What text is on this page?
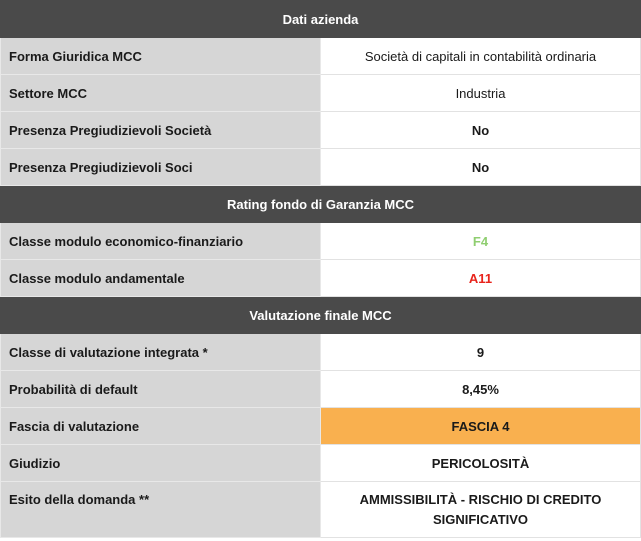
Dati azienda	
Forma Giuridica MCC	Società di capitali in contabilità ordinaria
Settore MCC	Industria
Presenza Pregiudizievoli Società	No
Presenza Pregiudizievoli Soci	No
Rating fondo di Garanzia MCC	
Classe modulo economico-finanziario	F4
Classe modulo andamentale	A11
Valutazione finale MCC	
Classe di valutazione integrata *	9
Probabilità di default	8,45%
Fascia di valutazione	FASCIA 4
Giudizio	PERICOLOSITÀ
Esito della domanda **	AMMISSIBILITÀ - RISCHIO DI CREDITO SIGNIFICATIVO
